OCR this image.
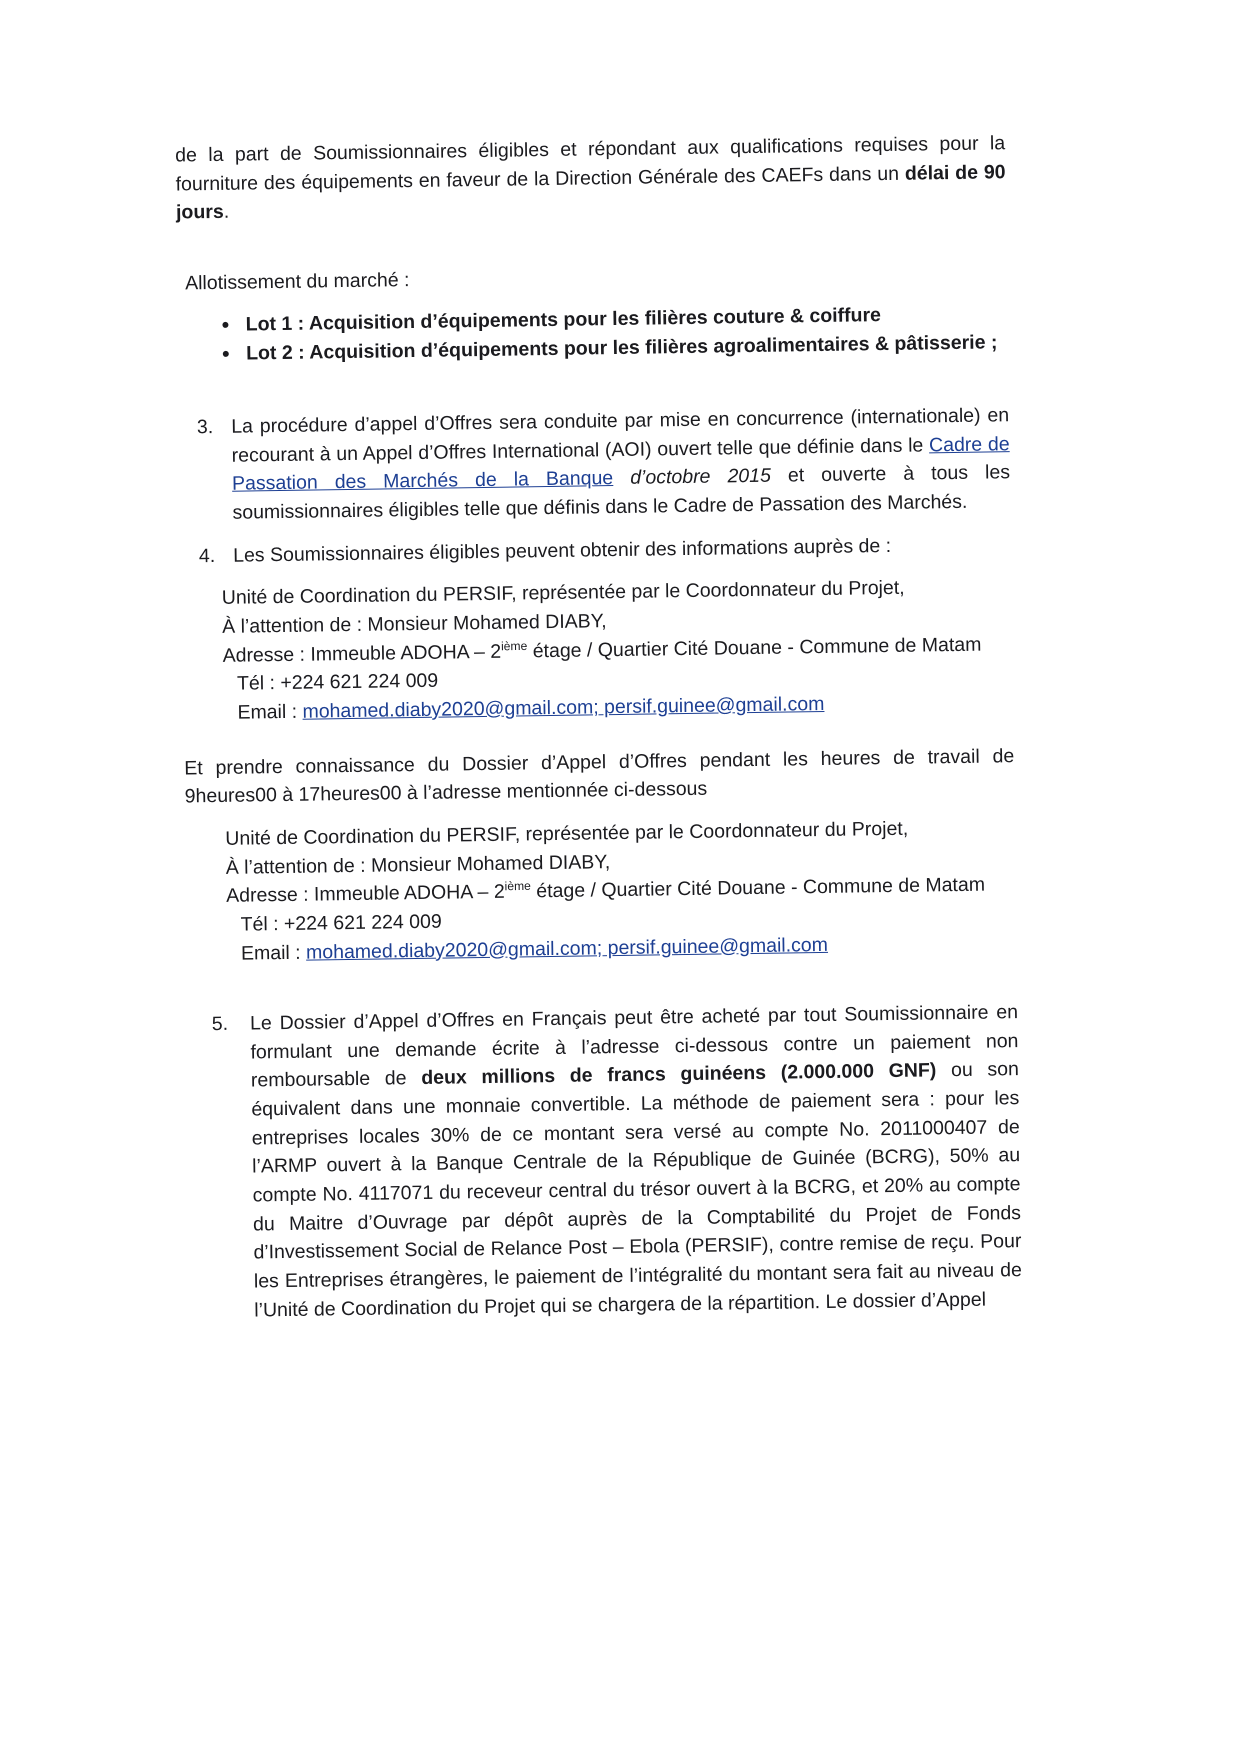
de la part de Soumissionnaires éligibles et répondant aux qualifications requises pour la fourniture des équipements en faveur de la Direction Générale des CAEFs dans un délai de 90 jours.

Allotissement du marché :

• Lot 1 : Acquisition d’équipements pour les filières couture & coiffure
• Lot 2 : Acquisition d’équipements pour les filières agroalimentaires & pâtisserie ;
3. La procédure d’appel d’Offres sera conduite par mise en concurrence (internationale) en recourant à un Appel d’Offres International (AOI) ouvert telle que définie dans le Cadre de Passation des Marchés de la Banque d’octobre 2015 et ouverte à tous les soumissionnaires éligibles telle que définis dans le Cadre de Passation des Marchés.

4. Les Soumissionnaires éligibles peuvent obtenir des informations auprès de :

Unité de Coordination du PERSIF, représentée par le Coordonnateur du Projet,

À l’attention de : Monsieur Mohamed DIABY,

Adresse : Immeuble ADOHA – 2ième étage / Quartier Cité Douane - Commune de Matam

Tél : +224 621 224 009

Email : mohamed.diaby2020@gmail.com; persif.guinee@gmail.com

Et prendre connaissance du Dossier d’Appel d’Offres pendant les heures de travail de 9heures00 à 17heures00 à l’adresse mentionnée ci-dessous

Unité de Coordination du PERSIF, représentée par le Coordonnateur du Projet,

À l’attention de : Monsieur Mohamed DIABY,

Adresse : Immeuble ADOHA – 2ième étage / Quartier Cité Douane - Commune de Matam

Tél : +224 621 224 009

Email : mohamed.diaby2020@gmail.com; persif.guinee@gmail.com

5. Le Dossier d’Appel d’Offres en Français peut être acheté par tout Soumissionnaire en formulant une demande écrite à l’adresse ci-dessous contre un paiement non remboursable de deux millions de francs guinéens (2.000.000 GNF) ou son équivalent dans une monnaie convertible. La méthode de paiement sera : pour les entreprises locales 30% de ce montant sera versé au compte No. 2011000407 de l’ARMP ouvert à la Banque Centrale de la République de Guinée (BCRG), 50% au compte No. 4117071 du receveur central du trésor ouvert à la BCRG, et 20% au compte du Maitre d’Ouvrage par dépôt auprès de la Comptabilité du Projet de Fonds d’Investissement Social de Relance Post – Ebola (PERSIF), contre remise de reçu. Pour les Entreprises étrangères, le paiement de l’intégralité du montant sera fait au niveau de l’Unité de Coordination du Projet qui se chargera de la répartition. Le dossier d’Appel
